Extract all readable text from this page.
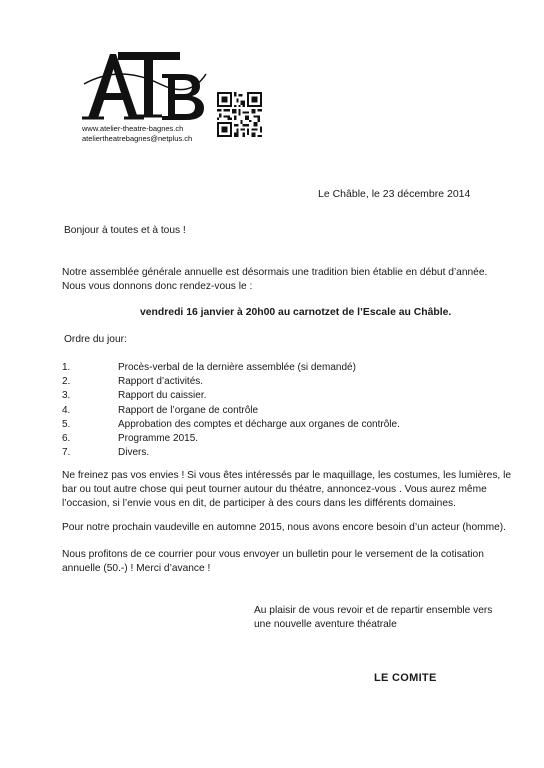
www.atelier-theatre-bagnes.ch
ateliertheatrebagnes@netplus.ch
Le Châble, le 23 décembre 2014
Bonjour à toutes et à tous !
Notre assemblée générale annuelle est désormais une tradition bien établie en début d’année.
Nous vous donnons donc rendez-vous le :
vendredi 16 janvier à 20h00 au carnotzet de l’Escale au Châble.
Ordre du jour:
1.	Procès-verbal de la dernière assemblée (si demandé)
2.	Rapport d’activités.
3.	Rapport du caissier.
4.	Rapport de l’organe de contrôle
5.	Approbation des comptes et décharge aux organes de contrôle.
6.	Programme 2015.
7.	Divers.
Ne freinez pas vos envies ! Si vous êtes intéressés par le maquillage, les costumes, les lumières, le
bar ou tout autre chose qui peut tourner autour du théatre, annoncez-vous . Vous aurez même
l’occasion, si l’envie vous en dit, de participer à des cours dans les différents domaines.
Pour notre prochain vaudeville en automne 2015, nous avons encore besoin d’un acteur (homme).
Nous profitons de ce courrier pour vous envoyer un bulletin pour le versement de la cotisation
annuelle (50.-) ! Merci d’avance !
Au plaisir de vous revoir et de repartir ensemble vers
une nouvelle aventure théatrale
LE COMITE
